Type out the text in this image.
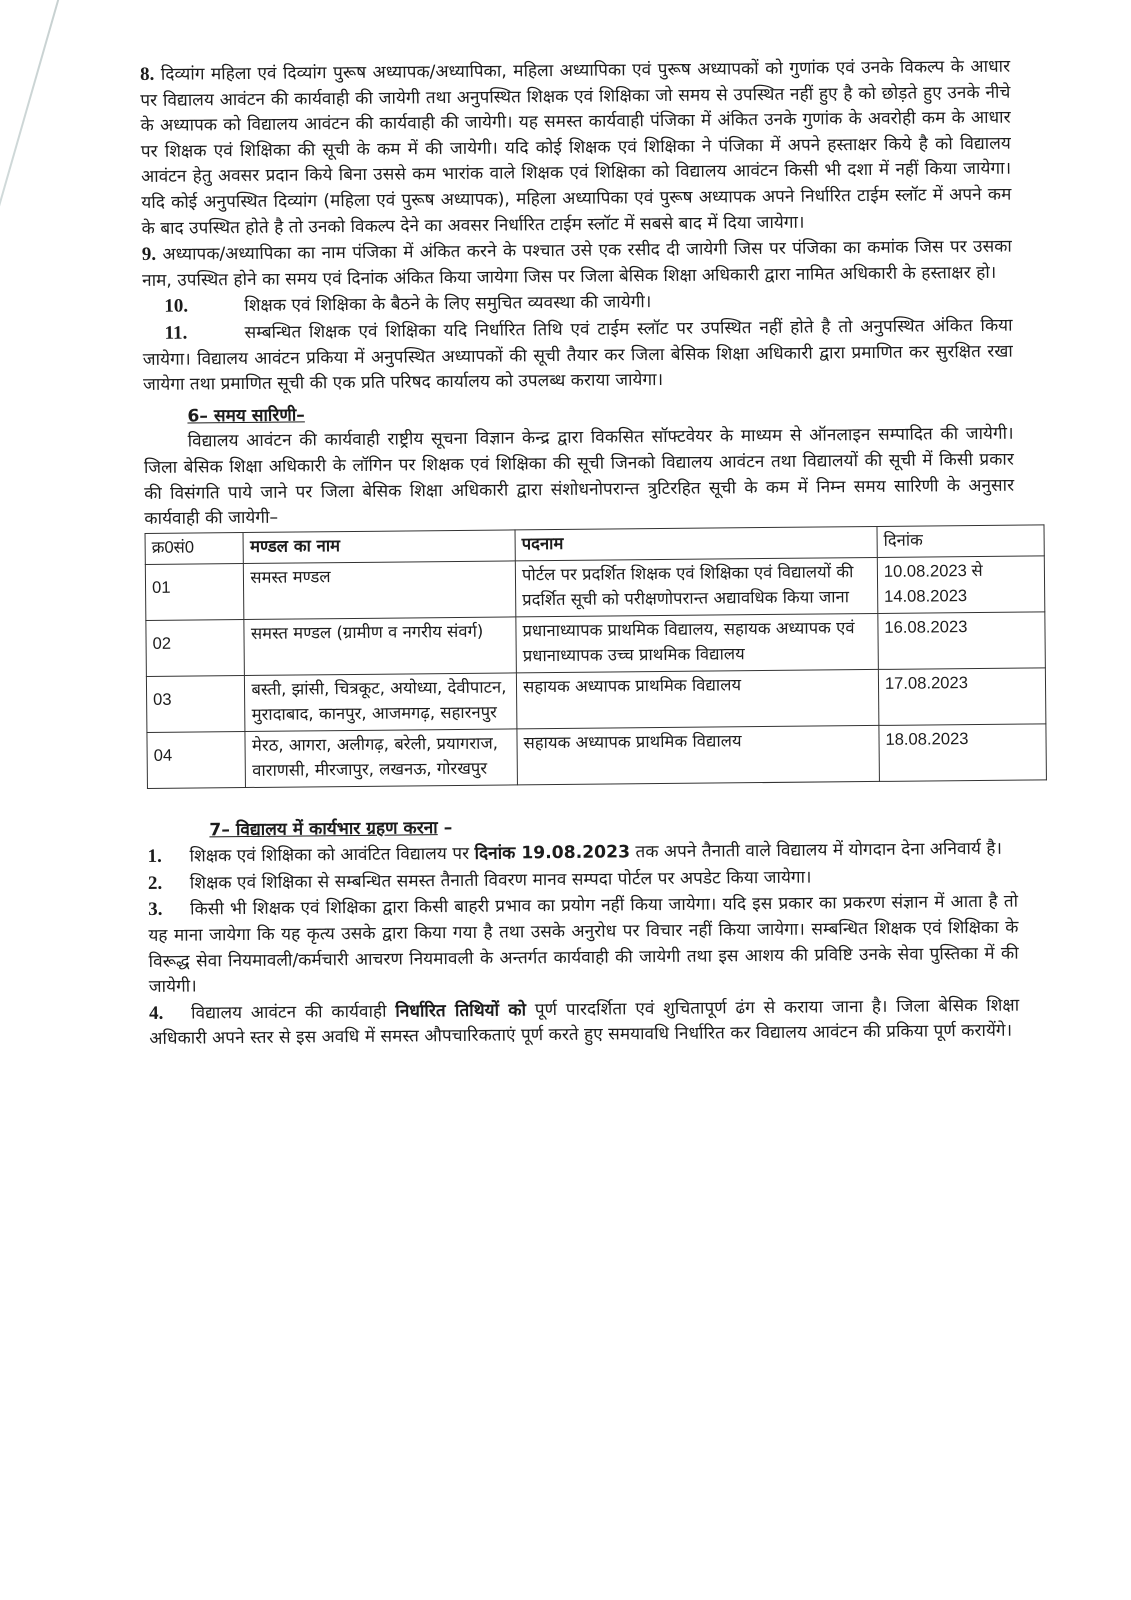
8. दिव्यांग महिला एवं दिव्यांग पुरूष अध्यापक/अध्यापिका, महिला अध्यापिका एवं पुरूष अध्यापकों को गुणांक एवं उनके विकल्प के आधार पर विद्यालय आवंटन की कार्यवाही की जायेगी तथा अनुपस्थित शिक्षक एवं शिक्षिका जो समय से उपस्थित नहीं हुए है को छोड़ते हुए उनके नीचे के अध्यापक को विद्यालय आवंटन की कार्यवाही की जायेगी। यह समस्त कार्यवाही पंजिका में अंकित उनके गुणांक के अवरोही कम के आधार पर शिक्षक एवं शिक्षिका की सूची के कम में की जायेगी। यदि कोई शिक्षक एवं शिक्षिका ने पंजिका में अपने हस्ताक्षर किये है को विद्यालय आवंटन हेतु अवसर प्रदान किये बिना उससे कम भारांक वाले शिक्षक एवं शिक्षिका को विद्यालय आवंटन किसी भी दशा में नहीं किया जायेगा। यदि कोई अनुपस्थित दिव्यांग (महिला एवं पुरूष अध्यापक), महिला अध्यापिका एवं पुरूष अध्यापक अपने निर्धारित टाईम स्लॉट में अपने कम के बाद उपस्थित होते है तो उनको विकल्प देने का अवसर निर्धारित टाईम स्लॉट में सबसे बाद में दिया जायेगा।

9. अध्यापक/अध्यापिका का नाम पंजिका में अंकित करने के पश्चात उसे एक रसीद दी जायेगी जिस पर पंजिका का कमांक जिस पर उसका नाम, उपस्थित होने का समय एवं दिनांक अंकित किया जायेगा जिस पर जिला बेसिक शिक्षा अधिकारी द्वारा नामित अधिकारी के हस्ताक्षर हो।

10.	शिक्षक एवं शिक्षिका के बैठने के लिए समुचित व्यवस्था की जायेगी।

11.	सम्बन्धित शिक्षक एवं शिक्षिका यदि निर्धारित तिथि एवं टाईम स्लॉट पर उपस्थित नहीं होते है तो अनुपस्थित अंकित किया जायेगा। विद्यालय आवंटन प्रकिया में अनुपस्थित अध्यापकों की सूची तैयार कर जिला बेसिक शिक्षा अधिकारी द्वारा प्रमाणित कर सुरक्षित रखा जायेगा तथा प्रमाणित सूची की एक प्रति परिषद कार्यालय को उपलब्ध कराया जायेगा।

6– समय सारिणी–

विद्यालय आवंटन की कार्यवाही राष्ट्रीय सूचना विज्ञान केन्द्र द्वारा विकसित सॉफ्टवेयर के माध्यम से ऑनलाइन सम्पादित की जायेगी। जिला बेसिक शिक्षा अधिकारी के लॉगिन पर शिक्षक एवं शिक्षिका की सूची जिनको विद्यालय आवंटन तथा विद्यालयों की सूची में किसी प्रकार की विसंगति पाये जाने पर जिला बेसिक शिक्षा अधिकारी द्वारा संशोधनोपरान्त त्रुटिरहित सूची के कम में निम्न समय सारिणी के अनुसार कार्यवाही की जायेगी–

क्र0सं0	मण्डल का नाम	पदनाम	दिनांक

01	समस्त मण्डल	पोर्टल पर प्रदर्शित शिक्षक एवं शिक्षिका एवं विद्यालयों की प्रदर्शित सूची को परीक्षणोपरान्त अद्यावधिक किया जाना	10.08.2023 से
14.08.2023

02	समस्त मण्डल (ग्रामीण व नगरीय संवर्ग)	प्रधानाध्यापक प्राथमिक विद्यालय, सहायक अध्यापक एवं प्रधानाध्यापक उच्च प्राथमिक विद्यालय	16.08.2023

03	बस्ती, झांसी, चित्रकूट, अयोध्या, देवीपाटन, मुरादाबाद, कानपुर, आजमगढ़, सहारनपुर	सहायक अध्यापक प्राथमिक विद्यालय	17.08.2023

04	मेरठ, आगरा, अलीगढ़, बरेली, प्रयागराज, वाराणसी, मीरजापुर, लखनऊ, गोरखपुर	सहायक अध्यापक प्राथमिक विद्यालय	18.08.2023
7– विद्यालय में कार्यभार ग्रहण करना –

1. शिक्षक एवं शिक्षिका को आवंटित विद्यालय पर दिनांक 19.08.2023 तक अपने तैनाती वाले विद्यालय में योगदान देना अनिवार्य है।

2. शिक्षक एवं शिक्षिका से सम्बन्धित समस्त तैनाती विवरण मानव सम्पदा पोर्टल पर अपडेट किया जायेगा।

3. किसी भी शिक्षक एवं शिक्षिका द्वारा किसी बाहरी प्रभाव का प्रयोग नहीं किया जायेगा। यदि इस प्रकार का प्रकरण संज्ञान में आता है तो यह माना जायेगा कि यह कृत्य उसके द्वारा किया गया है तथा उसके अनुरोध पर विचार नहीं किया जायेगा। सम्बन्धित शिक्षक एवं शिक्षिका के विरूद्ध सेवा नियमावली/कर्मचारी आचरण नियमावली के अन्तर्गत कार्यवाही की जायेगी तथा इस आशय की प्रविष्टि उनके सेवा पुस्तिका में की जायेगी।

4. विद्यालय आवंटन की कार्यवाही निर्धारित तिथियों को पूर्ण पारदर्शिता एवं शुचितापूर्ण ढंग से कराया जाना है। जिला बेसिक शिक्षा अधिकारी अपने स्तर से इस अवधि में समस्त औपचारिकताएं पूर्ण करते हुए समयावधि निर्धारित कर विद्यालय आवंटन की प्रकिया पूर्ण करायेंगे।
